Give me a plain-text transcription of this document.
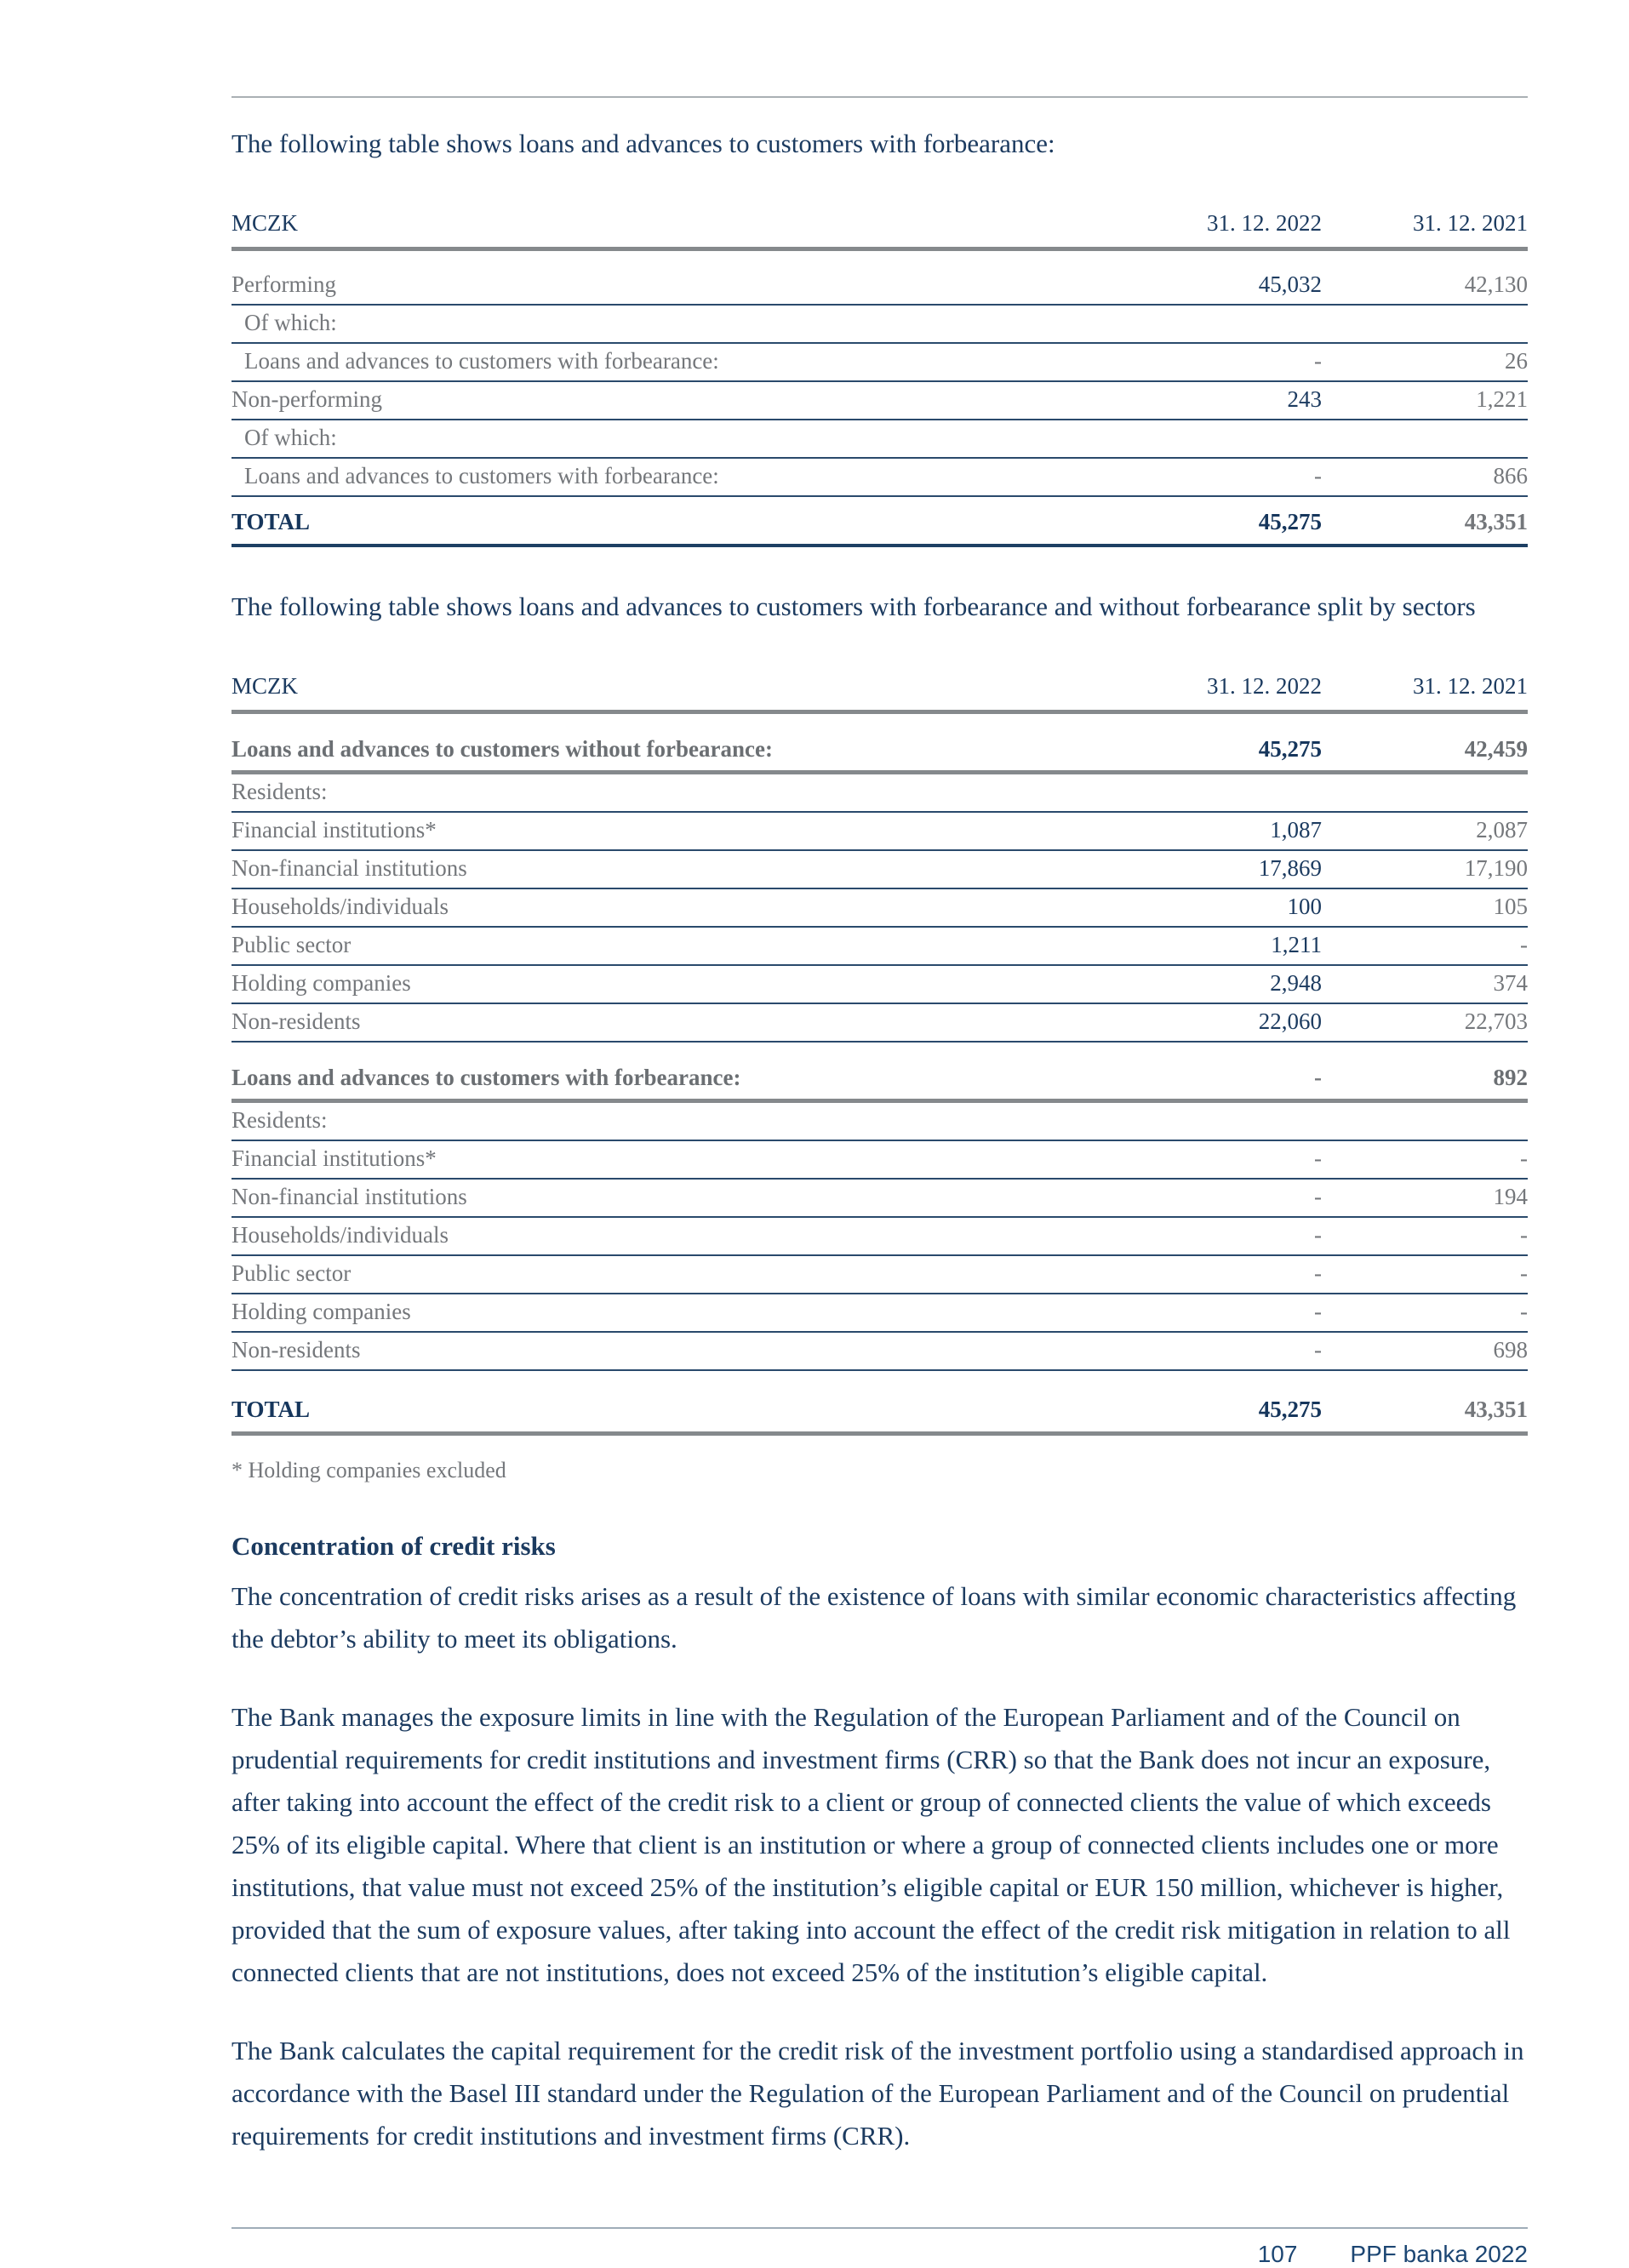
The following table shows loans and advances to customers with forbearance:

MCZK	31. 12. 2022	31. 12. 2021
Performing	45,032	42,130
Of which:
Loans and advances to customers with forbearance:	-	26
Non-performing	243	1,221
Of which:
Loans and advances to customers with forbearance:	-	866
TOTAL	45,275	43,351

The following table shows loans and advances to customers with forbearance and without forbearance split by sectors

MCZK	31. 12. 2022	31. 12. 2021
Loans and advances to customers without forbearance:	45,275	42,459
Residents:
Financial institutions*	1,087	2,087
Non-financial institutions	17,869	17,190
Households/individuals	100	105
Public sector	1,211	-
Holding companies	2,948	374
Non-residents	22,060	22,703
Loans and advances to customers with forbearance:	-	892
Residents:
Financial institutions*	-	-
Non-financial institutions	-	194
Households/individuals	-	-
Public sector	-	-
Holding companies	-	-
Non-residents	-	698
TOTAL	45,275	43,351

* Holding companies excluded

Concentration of credit risks

The concentration of credit risks arises as a result of the existence of loans with similar economic characteristics affecting the debtor’s ability to meet its obligations.

The Bank manages the exposure limits in line with the Regulation of the European Parliament and of the Council on prudential requirements for credit institutions and investment firms (CRR) so that the Bank does not incur an exposure, after taking into account the effect of the credit risk to a client or group of connected clients the value of which exceeds 25% of its eligible capital. Where that client is an institution or where a group of connected clients includes one or more institutions, that value must not exceed 25% of the institution’s eligible capital or EUR 150 million, whichever is higher, provided that the sum of exposure values, after taking into account the effect of the credit risk mitigation in relation to all connected clients that are not institutions, does not exceed 25% of the institution’s eligible capital.

The Bank calculates the capital requirement for the credit risk of the investment portfolio using a standardised approach in accordance with the Basel III standard under the Regulation of the European Parliament and of the Council on prudential requirements for credit institutions and investment firms (CRR).

107 PPF banka 2022
